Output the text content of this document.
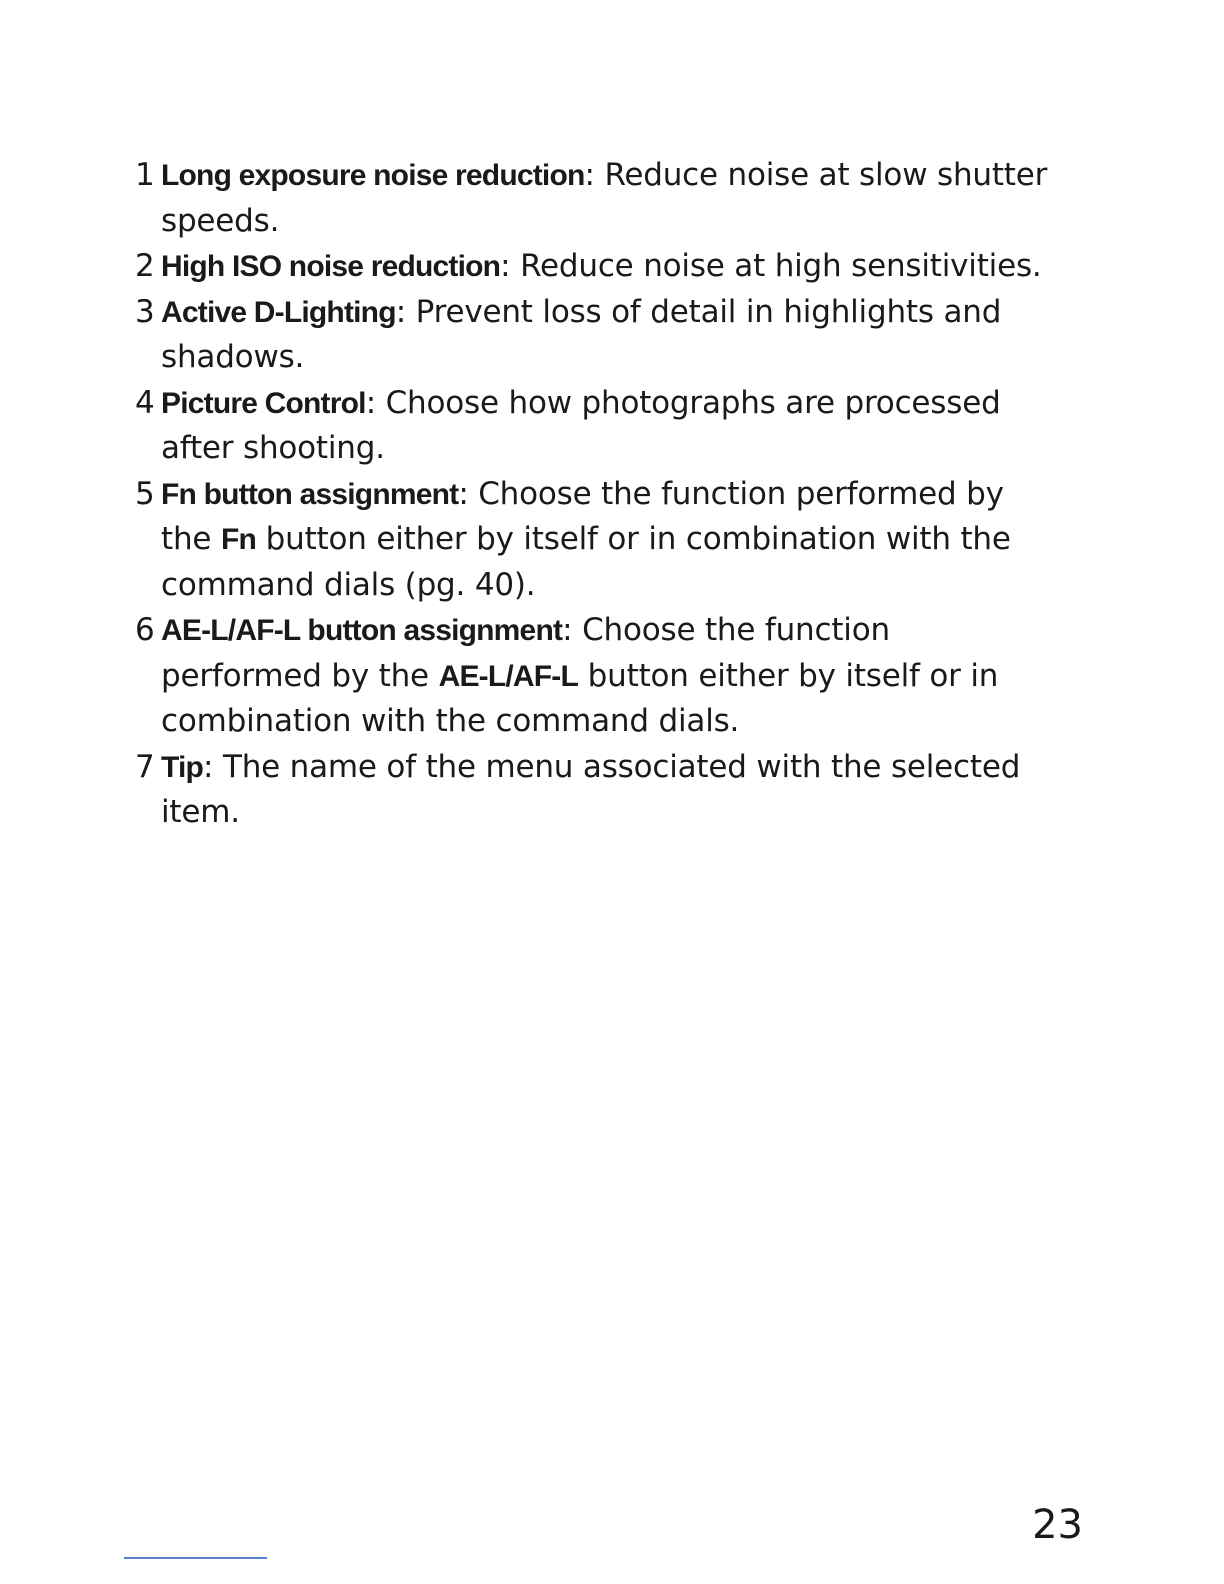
1 Long exposure noise reduction: Reduce noise at slow shutter speeds.
2 High ISO noise reduction: Reduce noise at high sensitivities.
3 Active D-Lighting: Prevent loss of detail in highlights and shadows.
4 Picture Control: Choose how photographs are processed after shooting.
5 Fn button assignment: Choose the function performed by the Fn button either by itself or in combination with the command dials (pg. 40).
6 AE-L/AF-L button assignment: Choose the function performed by the AE-L/AF-L button either by itself or in combination with the command dials.
7 Tip: The name of the menu associated with the selected item.
23
